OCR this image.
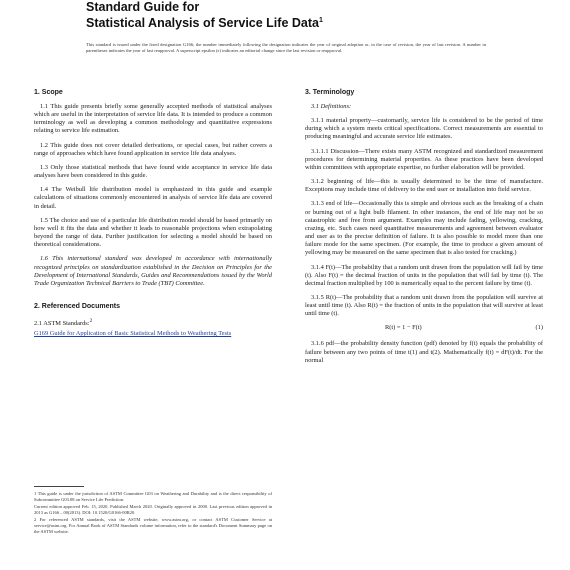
Standard Guide for
Statistical Analysis of Service Life Data$^1$

This standard is issued under the fixed designation G166; the number immediately following the designation indicates the year of original adoption or, in the case of revision, the year of last revision. A number in parentheses indicates the year of last reapproval. A superscript epsilon (ε) indicates an editorial change since the last revision or reapproval.

1. Scope

1.1 This guide presents briefly some generally accepted methods of statistical analyses which are useful in the interpretation of service life data. It is intended to produce a common terminology as well as developing a common methodology and quantitative expressions relating to service life estimation.

1.2 This guide does not cover detailed derivations, or special cases, but rather covers a range of approaches which have found application in service life data analyses.

1.3 Only those statistical methods that have found wide acceptance in service life data analyses have been considered in this guide.

1.4 The Weibull life distribution model is emphasized in this guide and example calculations of situations commonly encountered in analysis of service life data are covered in detail.

1.5 The choice and use of a particular life distribution model should be based primarily on how well it fits the data and whether it leads to reasonable projections when extrapolating beyond the range of data. Further justification for selecting a model should be based on theoretical considerations.

1.6 This international standard was developed in accordance with internationally recognized principles on standardization established in the Decision on Principles for the Development of International Standards, Guides and Recommendations issued by the World Trade Organization Technical Barriers to Trade (TBT) Committee.

2. Referenced Documents

2.1 ASTM Standards:$^2$

G169 Guide for Application of Basic Statistical Methods to Weathering Tests

3. Terminology

3.1 Definitions:

3.1.1 material property—customarily, service life is considered to be the period of time during which a system meets critical specifications. Correct measurements are essential to producing meaningful and accurate service life estimates.

3.1.1.1 Discussion—There exists many ASTM recognized and standardized measurement procedures for determining material properties. As these practices have been developed within committees with appropriate expertise, no further elaboration will be provided.

3.1.2 beginning of life—this is usually determined to be the time of manufacture. Exceptions may include time of delivery to the end user or installation into field service.

3.1.3 end of life—Occasionally this is simple and obvious such as the breaking of a chain or burning out of a light bulb filament. In other instances, the end of life may not be so catastrophic and free from argument. Examples may include fading, yellowing, cracking, crazing, etc. Such cases need quantitative measurements and agreement between evaluator and user as to the precise definition of failure. It is also possible to model more than one failure mode for the same specimen. (For example, the time to produce a given amount of yellowing may be measured on the same specimen that is also tested for cracking.)

3.1.4 F(t)—The probability that a random unit drawn from the population will fail by time (t). Also F(t) = the decimal fraction of units in the population that will fail by time (t). The decimal fraction multiplied by 100 is numerically equal to the percent failure by time (t).

3.1.5 R(t)—The probability that a random unit drawn from the population will survive at least until time (t). Also R(t) = the fraction of units in the population that will survive at least until time (t).

R(t) = 1 − F(t)	(1)

3.1.6 pdf—the probability density function (pdf) denoted by f(t) equals the probability of failure between any two points of time t(1) and t(2). Mathematically f(t) = dF(t)/dt. For the normal

1 This guide is under the jurisdiction of ASTM Committee G03 on Weathering and Durability and is the direct responsibility of Subcommittee G03.08 on Service Life Prediction.

Current edition approved Feb. 15, 2020. Published March 2020. Originally approved in 2000. Last previous edition approved in 2013 as G166 – 00(2013). DOI: 10.1520/G0166-00R20.

2 For referenced ASTM standards, visit the ASTM website, www.astm.org, or contact ASTM Customer Service at service@astm.org. For Annual Book of ASTM Standards volume information, refer to the standard's Document Summary page on the ASTM website.
